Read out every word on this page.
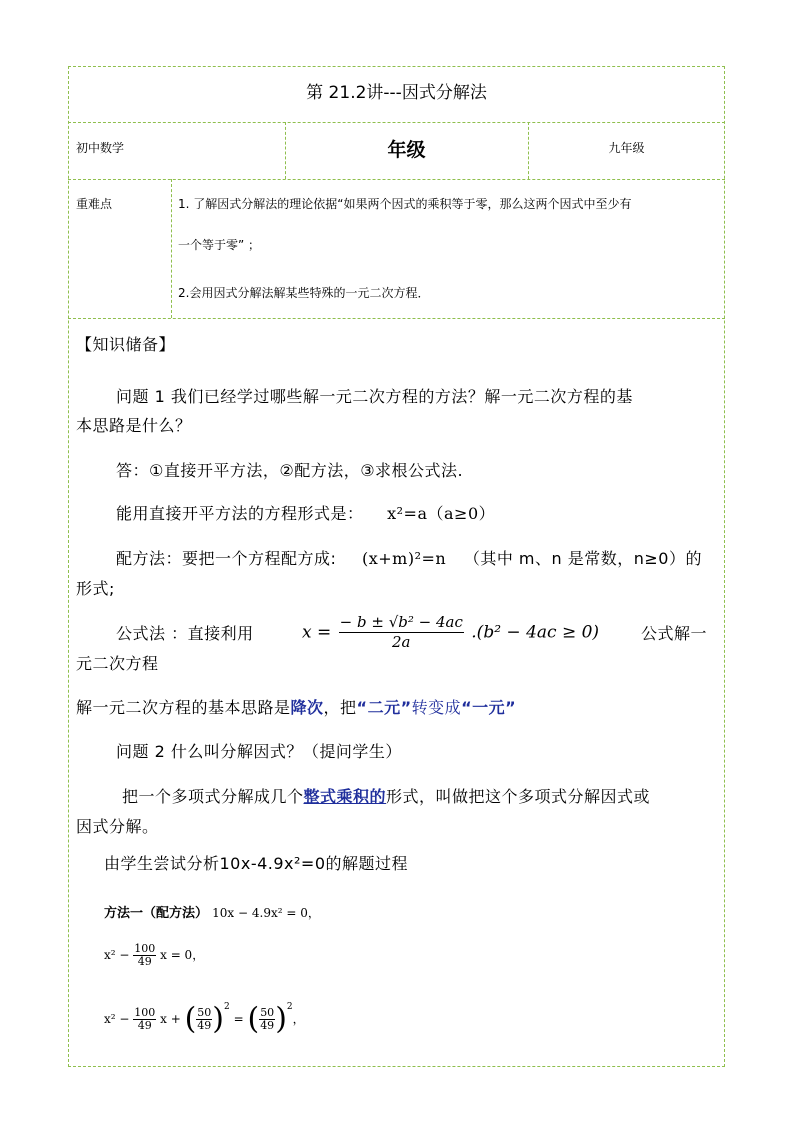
第 21.2讲---因式分解法
初中数学	年级	九年级
重难点	1. 了解因式分解法的理论依据“如果两个因式的乘积等于零，那么这两个因式中至少有
一个等于零” ；
2.会用因式分解法解某些特殊的一元二次方程．
【知识储备】
问题 1 我们已经学过哪些解一元二次方程的方法？解一元二次方程的基
本思路是什么？
答：①直接开平方法，②配方法，③求根公式法.
能用直接开平方法的方程形式是： x²=a（a≥0）
配方法：要把一个方程配方成: (x+m)²=n （其中 m、n 是常数，n≥0）的
形式;
公式法 ：直接利用	$x = \frac{\text{− b ± √b² − 4ac}}{2a} .(b^2 - 4ac \ge 0)$	公式解一
元二次方程
解一元二次方程的基本思路是降次，把“二元”转变成“一元”
问题 2 什么叫分解因式？（提问学生）
把一个多项式分解成几个整式乘积的形式，叫做把这个多项式分解因式或
因式分解。
由学生尝试分析10x-4.9x²=0的解题过程
方法一（配方法） 10x − 4.9x² = 0，
$x^2 - \frac{100}{49}$ x = 0，
$x^2 - \frac{100}{49}$ x + ( $\frac{50}{49} )^2$ = ( $\frac{50}{49} )^2$，
